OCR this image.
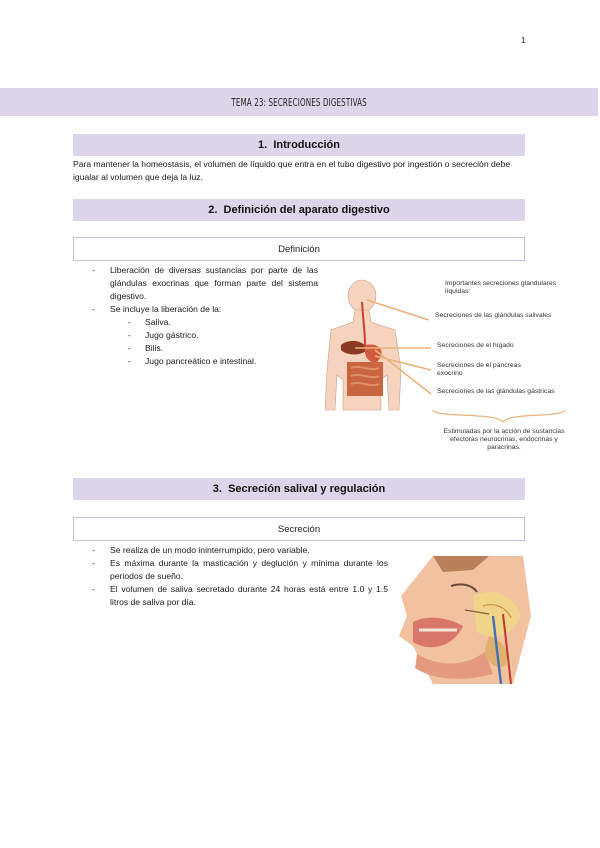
1
TEMA 23: SECRECIONES DIGESTIVAS
1.
Introducción
Para mantener la homeostasis, el volumen de líquido que entra en el tubo digestivo por ingestión o secreción debe igualar al volumen que deja la luz.
2.
Definición del aparato digestivo
Definición
- Liberación de diversas sustancias por parte de las glándulas exocrinas que forman parte del sistema digestivo.
- Se incluye la liberación de la:
- Saliva.
- Jugo gástrico.
- Bilis.
- Jugo pancreático e intestinal.
Importantes secreciones glandulares líquidas:
Secreciones de las glándulas salivales
Secreciones de el hígado
Secreciones de el páncreas exocrino
Secreciones de las glándulas gástricas
Estimuladas por la acción de sustancias efectoras neurocrinas, endocrinas y paracrinas.
3.
Secreción salival y regulación
Secreción
- Se realiza de un modo ininterrumpido, pero variable.
- Es máxima durante la masticación y deglución y mínima durante los periodos de sueño.
- El volumen de saliva secretado durante 24 horas está entre 1.0 y 1.5 litros de saliva por día.
